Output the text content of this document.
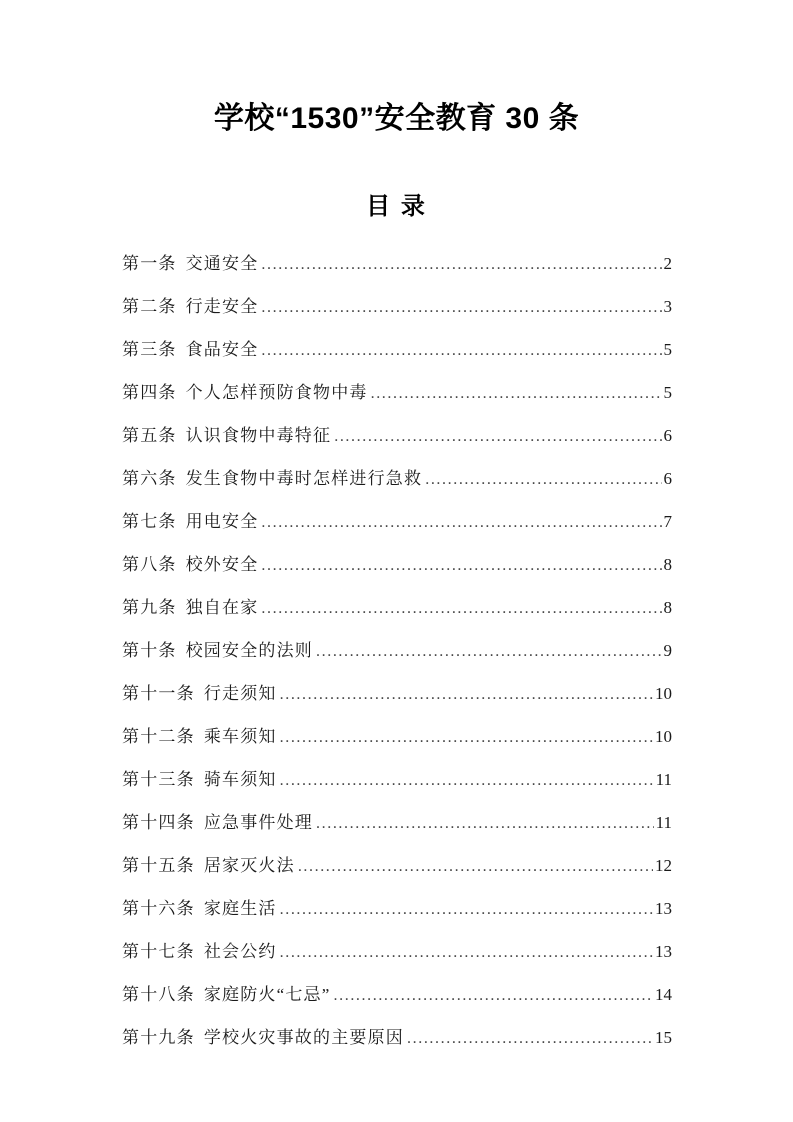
学校“1530”安全教育 30 条
目 录
第一条 交通安全 .....	2
第二条 行走安全 .....	3
第三条 食品安全 .....	5
第四条 个人怎样预防食物中毒 .....	5
第五条 认识食物中毒特征 .....	6
第六条 发生食物中毒时怎样进行急救 .....	6
第七条 用电安全 .....	7
第八条 校外安全 .....	8
第九条 独自在家 .....	8
第十条 校园安全的法则 .....	9
第十一条 行走须知 .....	10
第十二条 乘车须知 .....	10
第十三条 骑车须知 .....	11
第十四条 应急事件处理 .....	11
第十五条 居家灭火法 .....	12
第十六条 家庭生活 .....	13
第十七条 社会公约 .....	13
第十八条 家庭防火“七忌” .....	14
第十九条 学校火灾事故的主要原因 .....	15
